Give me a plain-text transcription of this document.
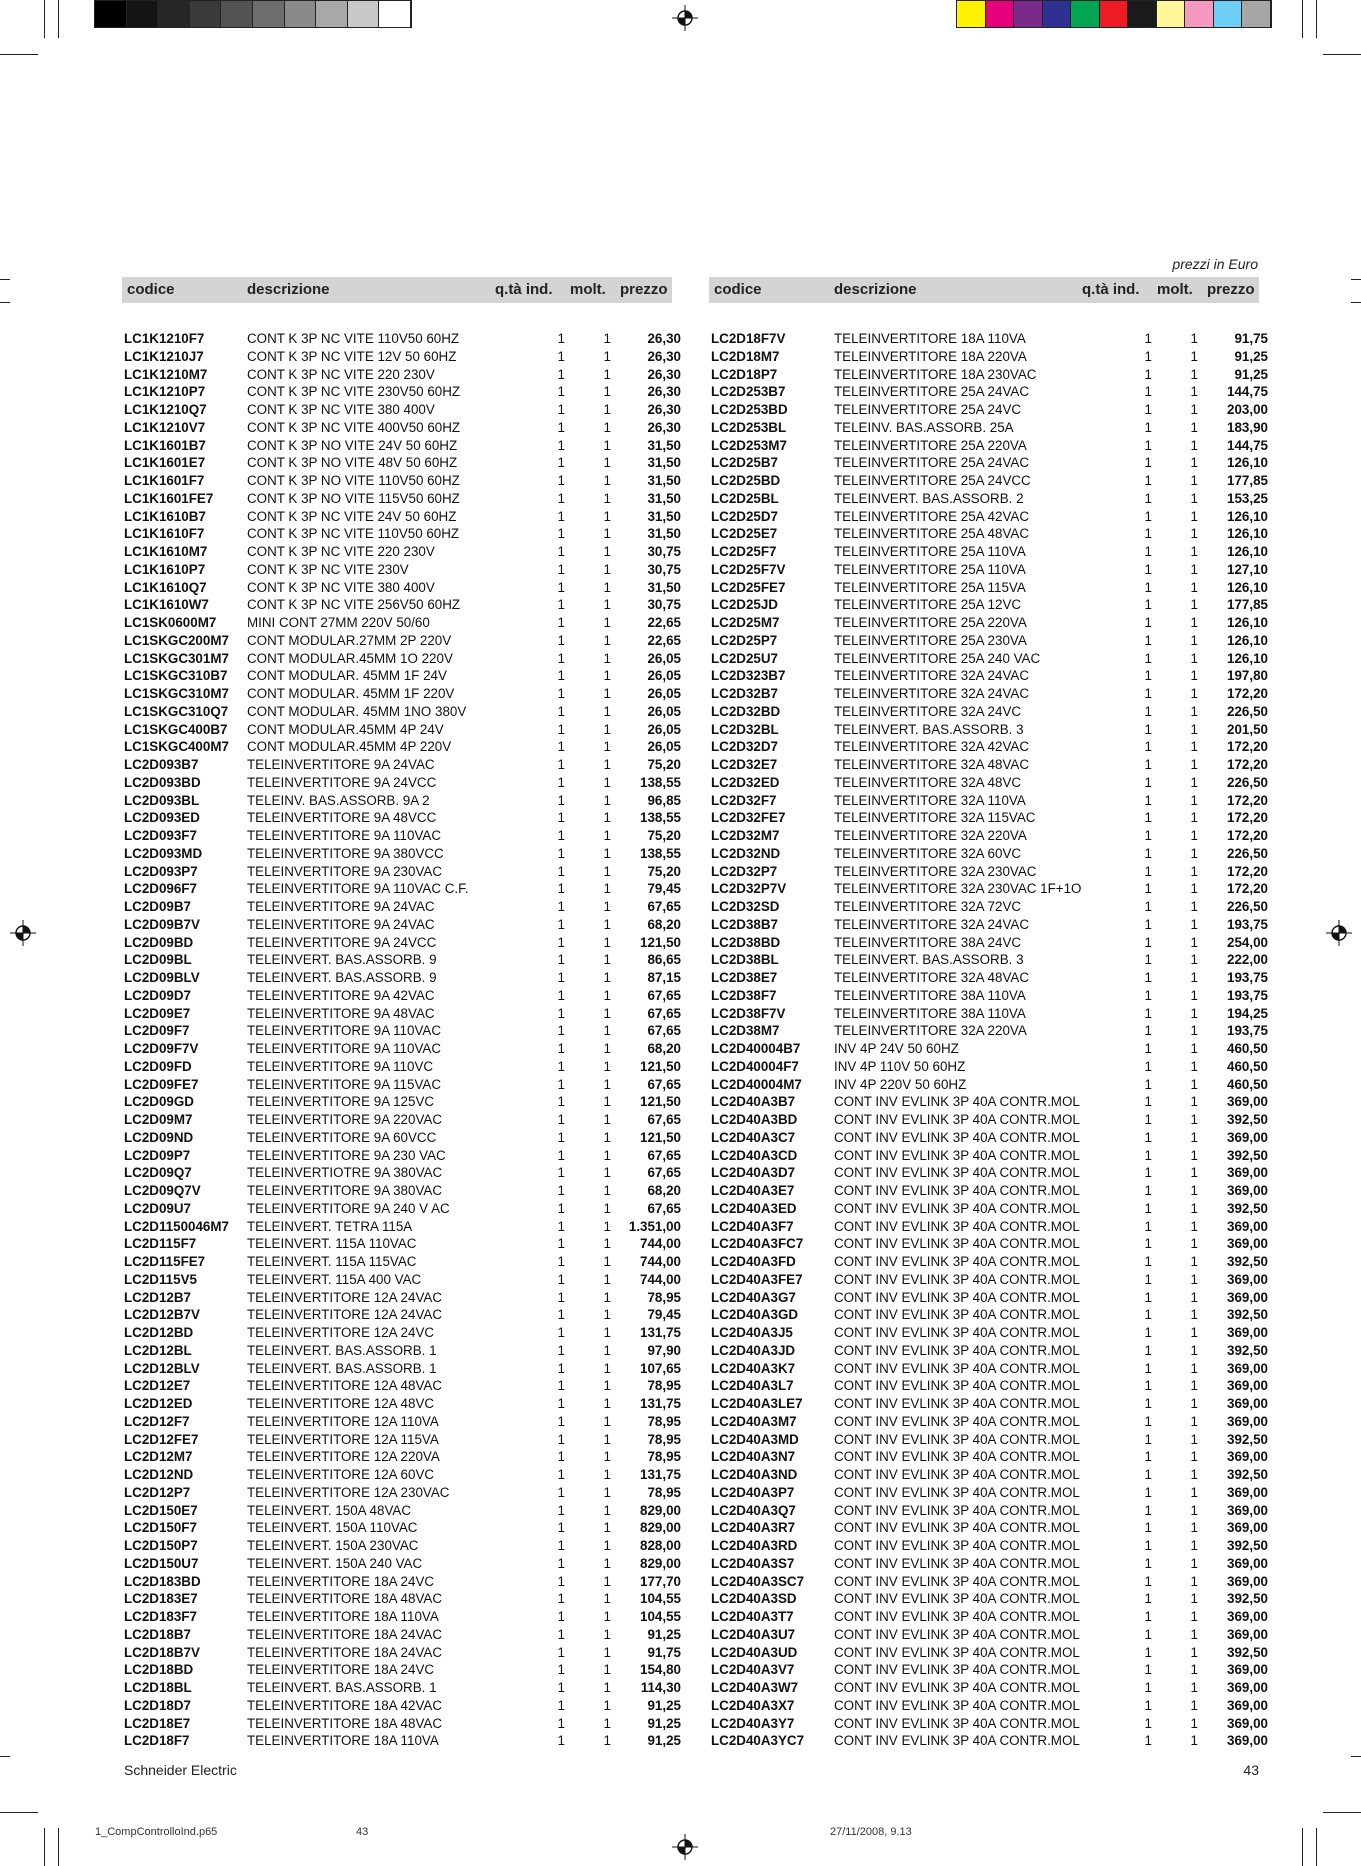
prezzi in Euro
codice	descrizione	q.tà ind. molt. prezzo	codice	descrizione	q.tà ind. molt. prezzo
LC1K1210F7	CONT K 3P NC VITE 110V50 60HZ	1	1	26,30
LC1K1210J7	CONT K 3P NC VITE 12V 50 60HZ	1	1	26,30
LC1K1210M7	CONT K 3P NC VITE 220 230V	1	1	26,30
LC1K1210P7	CONT K 3P NC VITE 230V50 60HZ	1	1	26,30
LC1K1210Q7	CONT K 3P NC VITE 380 400V	1	1	26,30
LC1K1210V7	CONT K 3P NC VITE 400V50 60HZ	1	1	26,30
LC1K1601B7	CONT K 3P NO VITE 24V 50 60HZ	1	1	31,50
LC1K1601E7	CONT K 3P NO VITE 48V 50 60HZ	1	1	31,50
LC1K1601F7	CONT K 3P NO VITE 110V50 60HZ	1	1	31,50
LC1K1601FE7	CONT K 3P NO VITE 115V50 60HZ	1	1	31,50
LC1K1610B7	CONT K 3P NC VITE 24V 50 60HZ	1	1	31,50
LC1K1610F7	CONT K 3P NC VITE 110V50 60HZ	1	1	31,50
LC1K1610M7	CONT K 3P NC VITE 220 230V	1	1	30,75
LC1K1610P7	CONT K 3P NC VITE 230V	1	1	30,75
LC1K1610Q7	CONT K 3P NC VITE 380 400V	1	1	31,50
LC1K1610W7	CONT K 3P NC VITE 256V50 60HZ	1	1	30,75
LC1SK0600M7 MINI CONT 27MM 220V 50/60	1	1	22,65
LC1SKGC200M7 CONT MODULAR.27MM 2P 220V	1	1	22,65
LC1SKGC301M7 CONT MODULAR.45MM 1O 220V	1	1	26,05
LC1SKGC310B7 CONT MODULAR. 45MM 1F 24V	1	1	26,05
LC1SKGC310M7 CONT MODULAR. 45MM 1F 220V	1	1	26,05
LC1SKGC310Q7 CONT MODULAR. 45MM 1NO 380V	1	1	26,05
LC1SKGC400B7 CONT MODULAR.45MM 4P 24V	1	1	26,05
LC1SKGC400M7 CONT MODULAR.45MM 4P 220V	1	1	26,05
LC2D093B7	TELEINVERTITORE 9A 24VAC	1	1	75,20
LC2D093BD	TELEINVERTITORE 9A 24VCC	1	1	138,55
LC2D093BL	TELEINV. BAS.ASSORB. 9A 2	1	1	96,85
LC2D093ED	TELEINVERTITORE 9A 48VCC	1	1	138,55
LC2D093F7	TELEINVERTITORE 9A 110VAC	1	1	75,20
LC2D093MD	TELEINVERTITORE 9A 380VCC	1	1	138,55
LC2D093P7	TELEINVERTITORE 9A 230VAC	1	1	75,20
LC2D096F7	TELEINVERTITORE 9A 110VAC C.F.	1	1	79,45
LC2D09B7	TELEINVERTITORE 9A 24VAC	1	1	67,65
LC2D09B7V	TELEINVERTITORE 9A 24VAC	1	1	68,20
LC2D09BD	TELEINVERTITORE 9A 24VCC	1	1	121,50
LC2D09BL	TELEINVERT. BAS.ASSORB. 9	1	1	86,65
LC2D09BLV	TELEINVERT. BAS.ASSORB. 9	1	1	87,15
LC2D09D7	TELEINVERTITORE 9A 42VAC	1	1	67,65
LC2D09E7	TELEINVERTITORE 9A 48VAC	1	1	67,65
LC2D09F7	TELEINVERTITORE 9A 110VAC	1	1	67,65
LC2D09F7V	TELEINVERTITORE 9A 110VAC	1	1	68,20
LC2D09FD	TELEINVERTITORE 9A 110VC	1	1	121,50
LC2D09FE7	TELEINVERTITORE 9A 115VAC	1	1	67,65
LC2D09GD	TELEINVERTITORE 9A 125VC	1	1	121,50
LC2D09M7	TELEINVERTITORE 9A 220VAC	1	1	67,65
LC2D09ND	TELEINVERTITORE 9A 60VCC	1	1	121,50
LC2D09P7	TELEINVERTITORE 9A 230 VAC	1	1	67,65
LC2D09Q7	TELEINVERTIOTRE 9A 380VAC	1	1	67,65
LC2D09Q7V	TELEINVERTITORE 9A 380VAC	1	1	68,20
LC2D09U7	TELEINVERTITORE 9A 240 V AC	1	1	67,65
LC2D1150046M7 TELEINVERT. TETRA 115A	1	1	1.351,00
LC2D115F7	TELEINVERT. 115A 110VAC	1	1	744,00
LC2D115FE7	TELEINVERT. 115A 115VAC	1	1	744,00
LC2D115V5	TELEINVERT. 115A 400 VAC	1	1	744,00
LC2D12B7	TELEINVERTITORE 12A 24VAC	1	1	78,95
LC2D12B7V	TELEINVERTITORE 12A 24VAC	1	1	79,45
LC2D12BD	TELEINVERTITORE 12A 24VC	1	1	131,75
LC2D12BL	TELEINVERT. BAS.ASSORB. 1	1	1	97,90
LC2D12BLV	TELEINVERT. BAS.ASSORB. 1	1	1	107,65
LC2D12E7	TELEINVERTITORE 12A 48VAC	1	1	78,95
LC2D12ED	TELEINVERTITORE 12A 48VC	1	1	131,75
LC2D12F7	TELEINVERTITORE 12A 110VA	1	1	78,95
LC2D12FE7	TELEINVERTITORE 12A 115VA	1	1	78,95
LC2D12M7	TELEINVERTITORE 12A 220VA	1	1	78,95
LC2D12ND	TELEINVERTITORE 12A 60VC	1	1	131,75
LC2D12P7	TELEINVERTITORE 12A 230VAC	1	1	78,95
LC2D150E7	TELEINVERT. 150A 48VAC	1	1	829,00
LC2D150F7	TELEINVERT. 150A 110VAC	1	1	829,00
LC2D150P7	TELEINVERT. 150A 230VAC	1	1	828,00
LC2D150U7	TELEINVERT. 150A 240 VAC	1	1	829,00
LC2D183BD	TELEINVERTITORE 18A 24VC	1	1	177,70
LC2D183E7	TELEINVERTITORE 18A 48VAC	1	1	104,55
LC2D183F7	TELEINVERTITORE 18A 110VA	1	1	104,55
LC2D18B7	TELEINVERTITORE 18A 24VAC	1	1	91,25
LC2D18B7V	TELEINVERTITORE 18A 24VAC	1	1	91,75
LC2D18BD	TELEINVERTITORE 18A 24VC	1	1	154,80
LC2D18BL	TELEINVERT. BAS.ASSORB. 1	1	1	114,30
LC2D18D7	TELEINVERTITORE 18A 42VAC	1	1	91,25
LC2D18E7	TELEINVERTITORE 18A 48VAC	1	1	91,25
LC2D18F7	TELEINVERTITORE 18A 110VA	1	1	91,25
LC2D18F7V	TELEINVERTITORE 18A 110VA	1	1	91,75
LC2D18M7	TELEINVERTITORE 18A 220VA	1	1	91,25
LC2D18P7	TELEINVERTITORE 18A 230VAC	1	1	91,25
LC2D253B7	TELEINVERTITORE 25A 24VAC	1	1	144,75
LC2D253BD	TELEINVERTITORE 25A 24VC	1	1	203,00
LC2D253BL	TELEINV. BAS.ASSORB. 25A	1	1	183,90
LC2D253M7	TELEINVERTITORE 25A 220VA	1	1	144,75
LC2D25B7	TELEINVERTITORE 25A 24VAC	1	1	126,10
LC2D25BD	TELEINVERTITORE 25A 24VCC	1	1	177,85
LC2D25BL	TELEINVERT. BAS.ASSORB. 2	1	1	153,25
LC2D25D7	TELEINVERTITORE 25A 42VAC	1	1	126,10
LC2D25E7	TELEINVERTITORE 25A 48VAC	1	1	126,10
LC2D25F7	TELEINVERTITORE 25A 110VA	1	1	126,10
LC2D25F7V	TELEINVERTITORE 25A 110VA	1	1	127,10
LC2D25FE7	TELEINVERTITORE 25A 115VA	1	1	126,10
LC2D25JD	TELEINVERTITORE 25A 12VC	1	1	177,85
LC2D25M7	TELEINVERTITORE 25A 220VA	1	1	126,10
LC2D25P7	TELEINVERTITORE 25A 230VA	1	1	126,10
LC2D25U7	TELEINVERTITORE 25A 240 VAC	1	1	126,10
LC2D323B7	TELEINVERTITORE 32A 24VAC	1	1	197,80
LC2D32B7	TELEINVERTITORE 32A 24VAC	1	1	172,20
LC2D32BD	TELEINVERTITORE 32A 24VC	1	1	226,50
LC2D32BL	TELEINVERT. BAS.ASSORB. 3	1	1	201,50
LC2D32D7	TELEINVERTITORE 32A 42VAC	1	1	172,20
LC2D32E7	TELEINVERTITORE 32A 48VAC	1	1	172,20
LC2D32ED	TELEINVERTITORE 32A 48VC	1	1	226,50
LC2D32F7	TELEINVERTITORE 32A 110VA	1	1	172,20
LC2D32FE7	TELEINVERTITORE 32A 115VAC	1	1	172,20
LC2D32M7	TELEINVERTITORE 32A 220VA	1	1	172,20
LC2D32ND	TELEINVERTITORE 32A 60VC	1	1	226,50
LC2D32P7	TELEINVERTITORE 32A 230VAC	1	1	172,20
LC2D32P7V	TELEINVERTITORE 32A 230VAC 1F+1O	1	1	172,20
LC2D32SD	TELEINVERTITORE 32A 72VC	1	1	226,50
LC2D38B7	TELEINVERTITORE 32A 24VAC	1	1	193,75
LC2D38BD	TELEINVERTITORE 38A 24VC	1	1	254,00
LC2D38BL	TELEINVERT. BAS.ASSORB. 3	1	1	222,00
LC2D38E7	TELEINVERTITORE 32A 48VAC	1	1	193,75
LC2D38F7	TELEINVERTITORE 38A 110VA	1	1	193,75
LC2D38F7V	TELEINVERTITORE 38A 110VA	1	1	194,25
LC2D38M7	TELEINVERTITORE 32A 220VA	1	1	193,75
LC2D40004B7	INV 4P 24V 50 60HZ	1	1	460,50
LC2D40004F7	INV 4P 110V 50 60HZ	1	1	460,50
LC2D40004M7 INV 4P 220V 50 60HZ	1	1	460,50
LC2D40A3B7	CONT INV EVLINK 3P 40A CONTR.MOL	1	1	369,00
LC2D40A3BD	CONT INV EVLINK 3P 40A CONTR.MOL	1	1	392,50
LC2D40A3C7	CONT INV EVLINK 3P 40A CONTR.MOL	1	1	369,00
LC2D40A3CD	CONT INV EVLINK 3P 40A CONTR.MOL	1	1	392,50
LC2D40A3D7	CONT INV EVLINK 3P 40A CONTR.MOL	1	1	369,00
LC2D40A3E7	CONT INV EVLINK 3P 40A CONTR.MOL	1	1	369,00
LC2D40A3ED	CONT INV EVLINK 3P 40A CONTR.MOL	1	1	392,50
LC2D40A3F7	CONT INV EVLINK 3P 40A CONTR.MOL	1	1	369,00
LC2D40A3FC7 CONT INV EVLINK 3P 40A CONTR.MOL	1	1	369,00
LC2D40A3FD	CONT INV EVLINK 3P 40A CONTR.MOL	1	1	392,50
LC2D40A3FE7 CONT INV EVLINK 3P 40A CONTR.MOL	1	1	369,00
LC2D40A3G7	CONT INV EVLINK 3P 40A CONTR.MOL	1	1	369,00
LC2D40A3GD	CONT INV EVLINK 3P 40A CONTR.MOL	1	1	392,50
LC2D40A3J5	CONT INV EVLINK 3P 40A CONTR.MOL	1	1	369,00
LC2D40A3JD	CONT INV EVLINK 3P 40A CONTR.MOL	1	1	392,50
LC2D40A3K7	CONT INV EVLINK 3P 40A CONTR.MOL	1	1	369,00
LC2D40A3L7	CONT INV EVLINK 3P 40A CONTR.MOL	1	1	369,00
LC2D40A3LE7 CONT INV EVLINK 3P 40A CONTR.MOL	1	1	369,00
LC2D40A3M7	CONT INV EVLINK 3P 40A CONTR.MOL	1	1	369,00
LC2D40A3MD	CONT INV EVLINK 3P 40A CONTR.MOL	1	1	392,50
LC2D40A3N7	CONT INV EVLINK 3P 40A CONTR.MOL	1	1	369,00
LC2D40A3ND	CONT INV EVLINK 3P 40A CONTR.MOL	1	1	392,50
LC2D40A3P7	CONT INV EVLINK 3P 40A CONTR.MOL	1	1	369,00
LC2D40A3Q7	CONT INV EVLINK 3P 40A CONTR.MOL	1	1	369,00
LC2D40A3R7	CONT INV EVLINK 3P 40A CONTR.MOL	1	1	369,00
LC2D40A3RD	CONT INV EVLINK 3P 40A CONTR.MOL	1	1	392,50
LC2D40A3S7	CONT INV EVLINK 3P 40A CONTR.MOL	1	1	369,00
LC2D40A3SC7 CONT INV EVLINK 3P 40A CONTR.MOL	1	1	369,00
LC2D40A3SD	CONT INV EVLINK 3P 40A CONTR.MOL	1	1	392,50
LC2D40A3T7	CONT INV EVLINK 3P 40A CONTR.MOL	1	1	369,00
LC2D40A3U7	CONT INV EVLINK 3P 40A CONTR.MOL	1	1	369,00
LC2D40A3UD	CONT INV EVLINK 3P 40A CONTR.MOL	1	1	392,50
LC2D40A3V7	CONT INV EVLINK 3P 40A CONTR.MOL	1	1	369,00
LC2D40A3W7	CONT INV EVLINK 3P 40A CONTR.MOL	1	1	369,00
LC2D40A3X7	CONT INV EVLINK 3P 40A CONTR.MOL	1	1	369,00
LC2D40A3Y7	CONT INV EVLINK 3P 40A CONTR.MOL	1	1	369,00
LC2D40A3YC7 CONT INV EVLINK 3P 40A CONTR.MOL	1	1	369,00
Schneider Electric	43
1_CompControlloInd.p65	43	27/11/2008, 9.13
